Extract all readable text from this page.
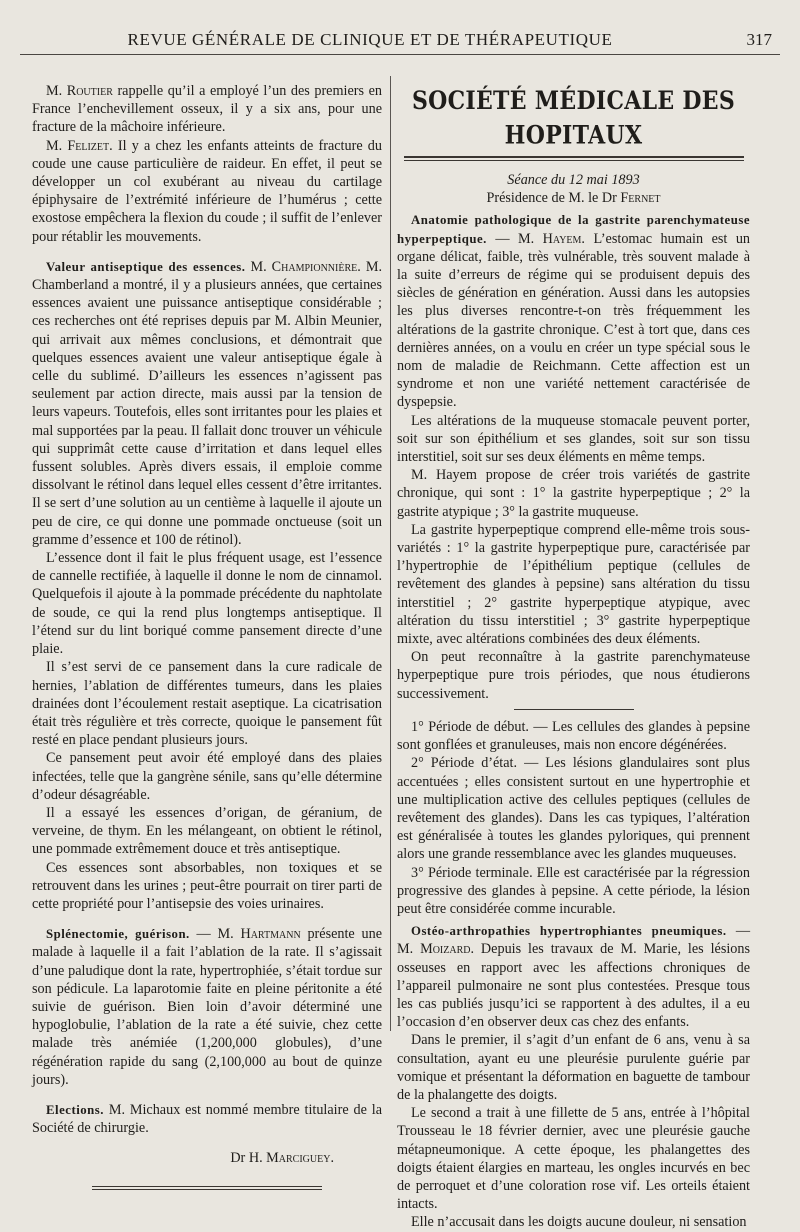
REVUE GÉNÉRALE DE CLINIQUE ET DE THÉRAPEUTIQUE	317

M. Routier rappelle qu’il a employé l’un des premiers en France l’enchevillement osseux, il y a six ans, pour une fracture de la mâchoire inférieure.

M. Felizet. Il y a chez les enfants atteints de fracture du coude une cause particulière de raideur. En effet, il peut se développer un col exubérant au niveau du cartilage épiphysaire de l’extrémité inférieure de l’humérus ; cette exostose empêchera la flexion du coude ; il suffit de l’enlever pour rétablir les mouvements.

Valeur antiseptique des essences. M. Championnière. M. Chamberland a montré, il y a plusieurs années, que certaines essences avaient une puissance antiseptique considérable ; ces recherches ont été reprises depuis par M. Albin Meunier, qui arrivait aux mêmes conclusions, et démontrait que quelques essences avaient une valeur antiseptique égale à celle du sublimé. D’ailleurs les essences n’agissent pas seulement par action directe, mais aussi par la tension de leurs vapeurs. Toutefois, elles sont irritantes pour les plaies et mal supportées par la peau. Il fallait donc trouver un véhicule qui supprimât cette cause d’irritation et dans lequel elles fussent solubles. Après divers essais, il emploie comme dissolvant le rétinol dans lequel elles cessent d’être irritantes. Il se sert d’une solution au un centième à laquelle il ajoute un peu de cire, ce qui donne une pommade onctueuse (soit un gramme d’essence et 100 de rétinol).

L’essence dont il fait le plus fréquent usage, est l’essence de cannelle rectifiée, à laquelle il donne le nom de cinnamol. Quelquefois il ajoute à la pommade précédente du naphtolate de soude, ce qui la rend plus longtemps antiseptique. Il l’étend sur du lint boriqué comme pansement directe d’une plaie.

Il s’est servi de ce pansement dans la cure radicale de hernies, l’ablation de différentes tumeurs, dans les plaies drainées dont l’écoulement restait aseptique. La cicatrisation était très régulière et très correcte, quoique le pansement fût resté en place pendant plusieurs jours.

Ce pansement peut avoir été employé dans des plaies infectées, telle que la gangrène sénile, sans qu’elle détermine d’odeur désagréable.

Il a essayé les essences d’origan, de géranium, de verveine, de thym. En les mélangeant, on obtient le rétinol, une pommade extrêmement douce et très antiseptique.

Ces essences sont absorbables, non toxiques et se retrouvent dans les urines ; peut-être pourrait on tirer parti de cette propriété pour l’antisepsie des voies urinaires.

Splénectomie, guérison. — M. Hartmann présente une malade à laquelle il a fait l’ablation de la rate. Il s’agissait d’une paludique dont la rate, hypertrophiée, s’était tordue sur son pédicule. La laparotomie faite en pleine péritonite a été suivie de guérison. Bien loin d’avoir déterminé une hypoglobulie, l’ablation de la rate a été suivie, chez cette malade très anémiée (1,200,000 globules), d’une régénération rapide du sang (2,100,000 au bout de quinze jours).

Elections. M. Michaux est nommé membre titulaire de la Société de chirurgie.

Dr H. Marciguey.
SOCIÉTÉ MÉDICALE DES HOPITAUX
Séance du 12 mai 1893
Présidence de M. le Dr Fernet

Anatomie pathologique de la gastrite parenchymateuse hyperpeptique. — M. Hayem. L’estomac humain est un organe délicat, faible, très vulnérable, très souvent malade à la suite d’erreurs de régime qui se produisent depuis des siècles de génération en génération. Aussi dans les autopsies les plus diverses rencontre-t-on très fréquemment les altérations de la gastrite chronique. C’est à tort que, dans ces dernières années, on a voulu en créer un type spécial sous le nom de maladie de Reichmann. Cette affection est un syndrome et non une variété nettement caractérisée de dyspepsie.

Les altérations de la muqueuse stomacale peuvent porter, soit sur son épithélium et ses glandes, soit sur son tissu interstitiel, soit sur ses deux éléments en même temps.

M. Hayem propose de créer trois variétés de gastrite chronique, qui sont : 1° la gastrite hyperpeptique ; 2° la gastrite atypique ; 3° la gastrite muqueuse.

La gastrite hyperpeptique comprend elle-même trois sous-variétés : 1° la gastrite hyperpeptique pure, caractérisée par l’hypertrophie de l’épithélium peptique (cellules de revêtement des glandes à pepsine) sans altération du tissu interstitiel ; 2° gastrite hyperpeptique atypique, avec altération du tissu interstitiel ; 3° gastrite hyperpeptique mixte, avec altérations combinées des deux éléments.

On peut reconnaître à la gastrite parenchymateuse hyperpeptique pure trois périodes, que nous étudierons successivement.

1° Période de début. — Les cellules des glandes à pepsine sont gonflées et granuleuses, mais non encore dégénérées.

2° Période d’état. — Les lésions glandulaires sont plus accentuées ; elles consistent surtout en une hypertrophie et une multiplication active des cellules peptiques (cellules de revêtement des glandes). Dans les cas typiques, l’altération est généralisée à toutes les glandes pyloriques, qui prennent alors une grande ressemblance avec les glandes muqueuses.

3° Période terminale. Elle est caractérisée par la régression progressive des glandes à pepsine. A cette période, la lésion peut être considérée comme incurable.

Ostéo-arthropathies hypertrophiantes pneumiques. — M. Moizard. Depuis les travaux de M. Marie, les lésions osseuses en rapport avec les affections chroniques de l’appareil pulmonaire ne sont plus contestées. Presque tous les cas publiés jusqu’ici se rapportent à des adultes, il a eu l’occasion d’en observer deux cas chez des enfants.

Dans le premier, il s’agit d’un enfant de 6 ans, venu à sa consultation, ayant eu une pleurésie purulente guérie par vomique et présentant la déformation en baguette de tambour de la phalangette des doigts.

Le second a trait à une fillette de 5 ans, entrée à l’hôpital Trousseau le 18 février dernier, avec une pleurésie gauche métapneumonique. A cette époque, les phalangettes des doigts étaient élargies en marteau, les ongles incurvés en bec de perroquet et d’une coloration rose vif. Les orteils étaient intacts.

Elle n’accusait dans les doigts aucune douleur, ni sensation
